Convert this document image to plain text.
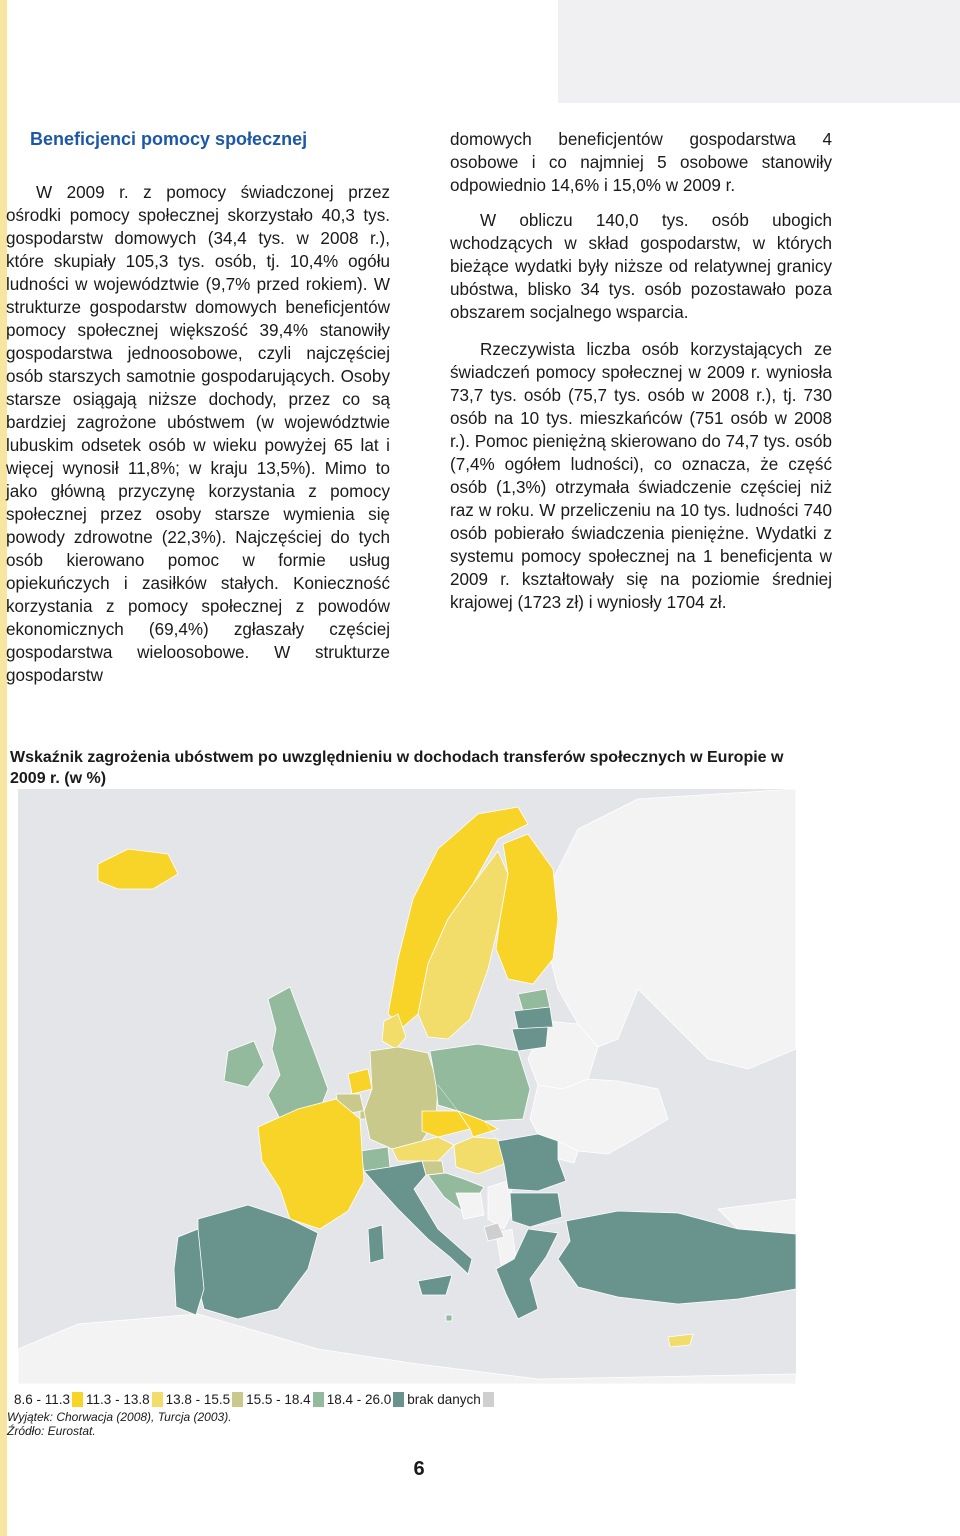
Beneficjenci pomocy społecznej

W 2009 r. z pomocy świadczonej przez ośrodki pomocy społecznej skorzystało 40,3 tys. gospodarstw domowych (34,4 tys. w 2008 r.), które skupiały 105,3 tys. osób, tj. 10,4% ogółu ludności w województwie (9,7% przed rokiem). W strukturze gospodarstw domowych beneficjentów pomocy społecznej większość 39,4% stanowiły gospodarstwa jednoosobowe, czyli najczęściej osób starszych samotnie gospodarujących. Osoby starsze osiągają niższe dochody, przez co są bardziej zagrożone ubóstwem (w województwie lubuskim odsetek osób w wieku powyżej 65 lat i więcej wynosił 11,8%; w kraju 13,5%). Mimo to jako główną przyczynę korzystania z pomocy społecznej przez osoby starsze wymienia się powody zdrowotne (22,3%). Najczęściej do tych osób kierowano pomoc w formie usług opiekuńczych i zasiłków stałych. Konieczność korzystania z pomocy społecznej z powodów ekonomicznych (69,4%) zgłaszały częściej gospodarstwa wieloosobowe. W strukturze gospodarstw

domowych beneficjentów gospodarstwa 4 osobowe i co najmniej 5 osobowe stanowiły odpowiednio 14,6% i 15,0% w 2009 r.

W obliczu 140,0 tys. osób ubogich wchodzących w skład gospodarstw, w których bieżące wydatki były niższe od relatywnej granicy ubóstwa, blisko 34 tys. osób pozostawało poza obszarem socjalnego wsparcia.

Rzeczywista liczba osób korzystających ze świadczeń pomocy społecznej w 2009 r. wyniosła 73,7 tys. osób (75,7 tys. osób w 2008 r.), tj. 730 osób na 10 tys. mieszkańców (751 osób w 2008 r.). Pomoc pieniężną skierowano do 74,7 tys. osób (7,4% ogółem ludności), co oznacza, że część osób (1,3%) otrzymała świadczenie częściej niż raz w roku. W przeliczeniu na 10 tys. ludności 740 osób pobierało świadczenia pieniężne. Wydatki z systemu pomocy społecznej na 1 beneficjenta w 2009 r. kształtowały się na poziomie średniej krajowej (1723 zł) i wyniosły 1704 zł.

Wskaźnik zagrożenia ubóstwem po uwzględnieniu w dochodach transferów społecznych w Europie w 2009 r. (w %)
8.6 - 11.3 11.3 - 13.8 13.8 - 15.5 15.5 - 18.4 18.4 - 26.0 brak danych
Wyjątek: Chorwacja (2008), Turcja (2003).
Źródło: Eurostat.
9
